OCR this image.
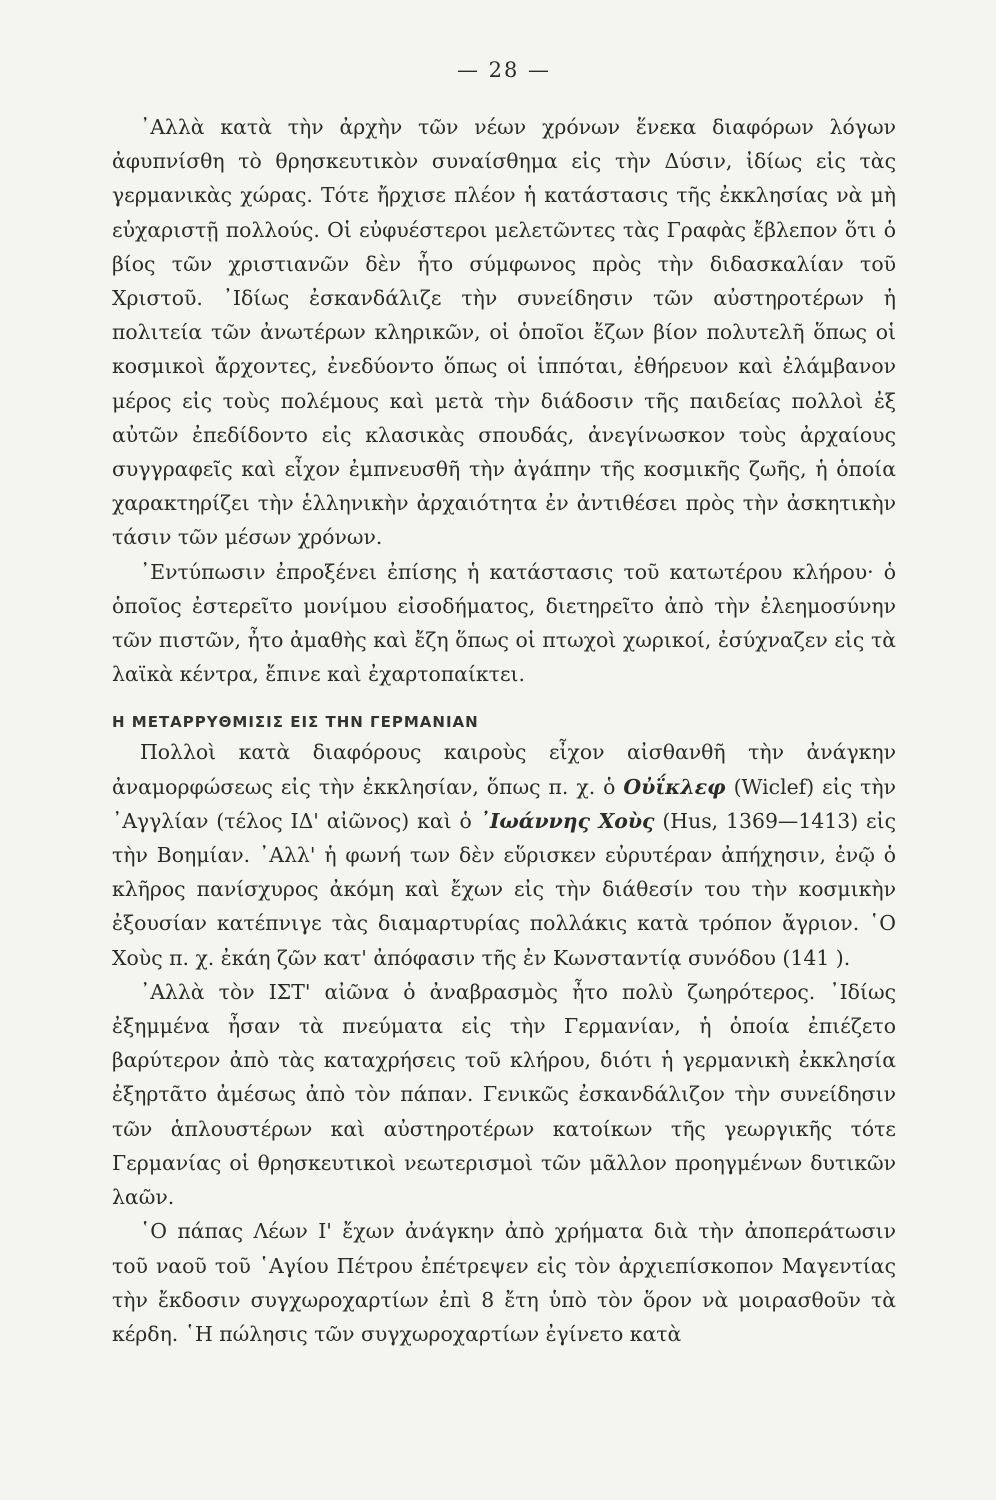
— 28 —

᾿Αλλὰ κατὰ τὴν ἀρχὴν τῶν νέων χρόνων ἕνεκα διαφόρων λόγων ἀφυπνίσθη τὸ θρησκευτικὸν συναίσθημα εἰς τὴν Δύσιν, ἰδίως εἰς τὰς γερμανικὰς χώρας. Τότε ἤρχισε πλέον ἡ κατάστασις τῆς ἐκκλησίας νὰ μὴ εὐχαριστῇ πολλούς. Οἱ εὐφυέστεροι μελετῶντες τὰς Γραφὰς ἔβλεπον ὅτι ὁ βίος τῶν χριστιανῶν δὲν ἦτο σύμφωνος πρὸς τὴν διδασκαλίαν τοῦ Χριστοῦ. ᾿Ιδίως ἐσκανδάλιζε τὴν συνείδησιν τῶν αὐστηροτέρων ἡ πολιτεία τῶν ἀνωτέρων κληρικῶν, οἱ ὁποῖοι ἔζων βίον πολυτελῆ ὅπως οἱ κοσμικοὶ ἄρχοντες, ἐνεδύοντο ὅπως οἱ ἱππόται, ἐθήρευον καὶ ἐλάμβανον μέρος εἰς τοὺς πολέμους καὶ μετὰ τὴν διάδοσιν τῆς παιδείας πολλοὶ ἐξ αὐτῶν ἐπεδίδοντο εἰς κλασικὰς σπουδάς, ἀνεγίνωσκον τοὺς ἀρχαίους συγγραφεῖς καὶ εἶχον ἐμπνευσθῆ τὴν ἀγάπην τῆς κοσμικῆς ζωῆς, ἡ ὁποία χαρακτηρίζει τὴν ἑλληνικὴν ἀρχαιότητα ἐν ἀντιθέσει πρὸς τὴν ἀσκητικὴν τάσιν τῶν μέσων χρόνων.

᾿Εντύπωσιν ἐπροξένει ἐπίσης ἡ κατάστασις τοῦ κατωτέρου κλήρου· ὁ ὁποῖος ἐστερεῖτο μονίμου εἰσοδήματος, διετηρεῖτο ἀπὸ τὴν ἐλεημοσύνην τῶν πιστῶν, ἦτο ἀμαθὴς καὶ ἔζη ὅπως οἱ πτωχοὶ χωρικοί, ἐσύχναζεν εἰς τὰ λαϊκὰ κέντρα, ἔπινε καὶ ἐχαρτοπαίκτει.

Η ΜΕΤΑΡΡΥΘΜΙΣΙΣ ΕΙΣ ΤΗΝ ΓΕΡΜΑΝΙΑΝ

Πολλοὶ κατὰ διαφόρους καιροὺς εἶχον αἰσθανθῆ τὴν ἀνάγκην ἀναμορφώσεως εἰς τὴν ἐκκλησίαν, ὅπως π. χ. ὁ Οὐΐκλεφ (Wiclef) εἰς τὴν ᾿Αγγλίαν (τέλος ΙΔ' αἰῶνος) καὶ ὁ ᾿Ιωάννης Χοὺς (Hus, 1369—1413) εἰς τὴν Βοημίαν. ᾿Αλλ' ἡ φωνή των δὲν εὕρισκεν εὐρυτέραν ἀπήχησιν, ἐνῷ ὁ κλῆρος πανίσχυρος ἀκόμη καὶ ἔχων εἰς τὴν διάθεσίν του τὴν κοσμικὴν ἐξουσίαν κατέπνιγε τὰς διαμαρτυρίας πολλάκις κατὰ τρόπον ἄγριον. ῾Ο Χοὺς π. χ. ἐκάη ζῶν κατ' ἀπόφασιν τῆς ἐν Κωνσταντίᾳ συνόδου (141 ).

᾿Αλλὰ τὸν ΙΣΤ' αἰῶνα ὁ ἀναβρασμὸς ἦτο πολὺ ζωηρότερος. ᾿Ιδίως ἐξημμένα ἦσαν τὰ πνεύματα εἰς τὴν Γερμανίαν, ἡ ὁποία ἐπιέζετο βαρύτερον ἀπὸ τὰς καταχρήσεις τοῦ κλήρου, διότι ἡ γερμανικὴ ἐκκλησία ἐξηρτᾶτο ἀμέσως ἀπὸ τὸν πάπαν. Γενικῶς ἐσκανδάλιζον τὴν συνείδησιν τῶν ἁπλουστέρων καὶ αὐστηροτέρων κατοίκων τῆς γεωργικῆς τότε Γερμανίας οἱ θρησκευτικοὶ νεωτερισμοὶ τῶν μᾶλλον προηγμένων δυτικῶν λαῶν.

῾Ο πάπας Λέων Ι' ἔχων ἀνάγκην ἀπὸ χρήματα διὰ τὴν ἀποπεράτωσιν τοῦ ναοῦ τοῦ ῾Αγίου Πέτρου ἐπέτρεψεν εἰς τὸν ἀρχιεπίσκοπον Μαγεντίας τὴν ἔκδοσιν συγχωροχαρτίων ἐπὶ 8 ἔτη ὑπὸ τὸν ὅρον νὰ μοιρασθοῦν τὰ κέρδη. ῾Η πώλησις τῶν συγχωροχαρτίων ἐγίνετο κατὰ
